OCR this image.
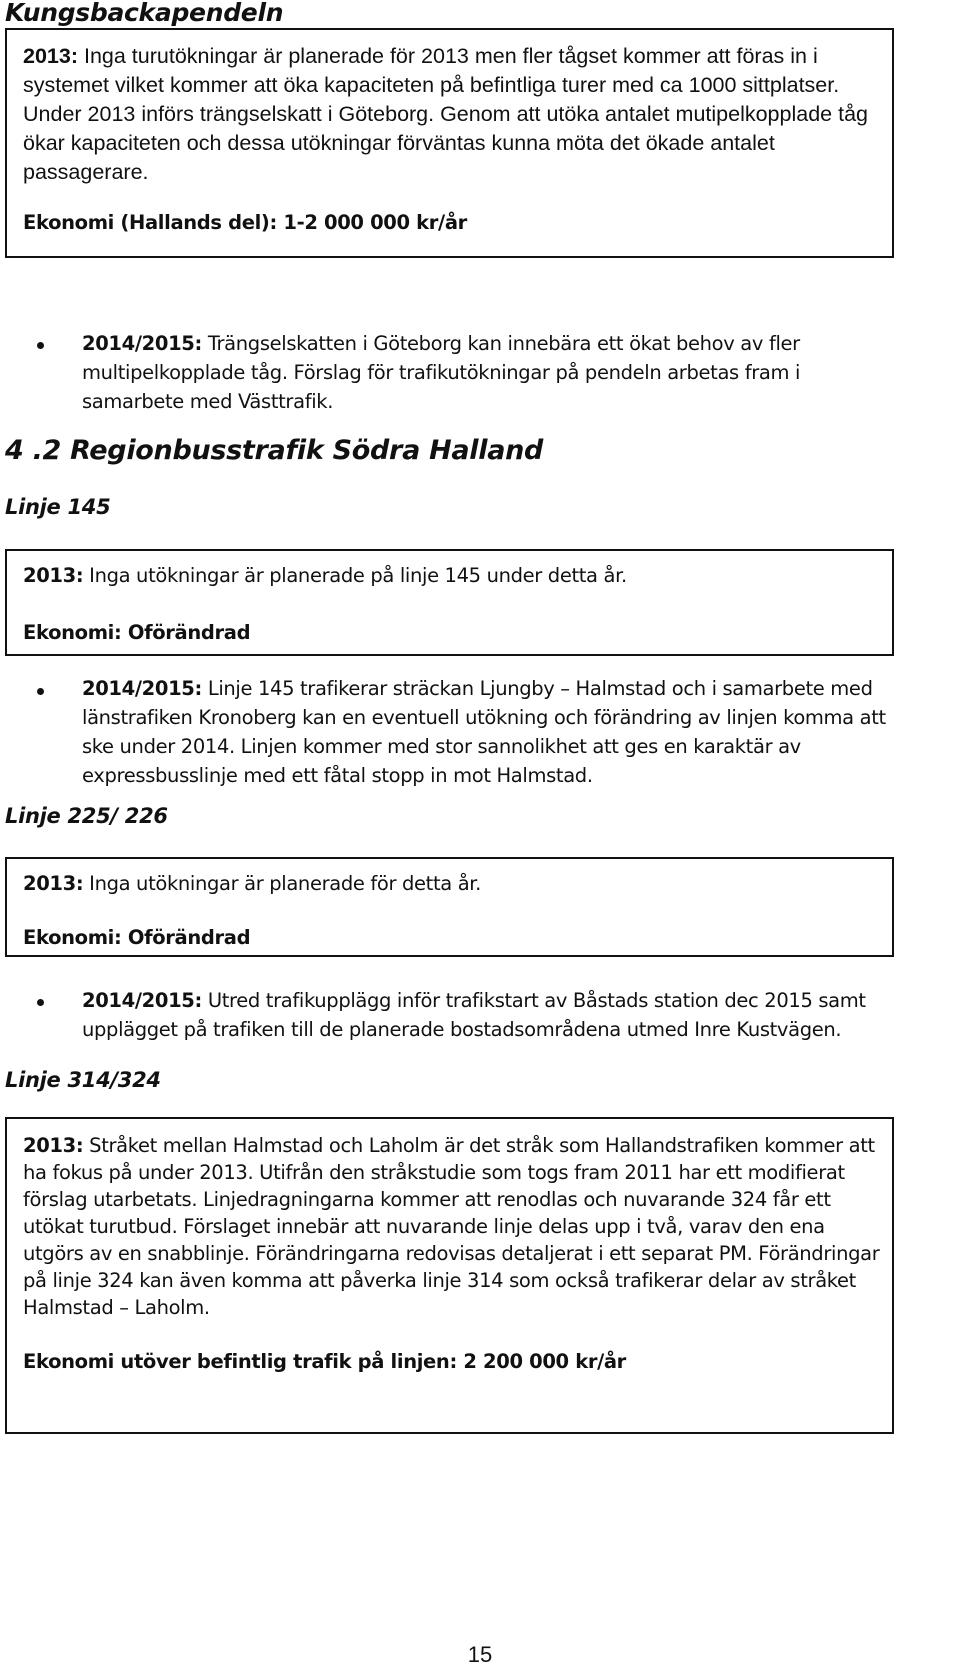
Kungsbackapendeln

2013: Inga turutökningar är planerade för 2013 men fler tågset kommer att föras in i systemet vilket kommer att öka kapaciteten på befintliga turer med ca 1000 sittplatser. Under 2013 införs trängselskatt i Göteborg. Genom att utöka antalet mutipelkopplade tåg ökar kapaciteten och dessa utökningar förväntas kunna möta det ökade antalet passagerare.

Ekonomi (Hallands del): 1-2 000 000 kr/år

2014/2015: Trängselskatten i Göteborg kan innebära ett ökat behov av fler multipelkopplade tåg. Förslag för trafikutökningar på pendeln arbetas fram i samarbete med Västtrafik.

4 .2 Regionbusstrafik Södra Halland
Linje 145

2013: Inga utökningar är planerade på linje 145 under detta år.

Ekonomi: Oförändrad

2014/2015: Linje 145 trafikerar sträckan Ljungby – Halmstad och i samarbete med länstrafiken Kronoberg kan en eventuell utökning och förändring av linjen komma att ske under 2014. Linjen kommer med stor sannolikhet att ges en karaktär av expressbusslinje med ett fåtal stopp in mot Halmstad.

Linje 225/ 226

2013: Inga utökningar är planerade för detta år.

Ekonomi: Oförändrad

2014/2015: Utred trafikupplägg inför trafikstart av Båstads station dec 2015 samt upplägget på trafiken till de planerade bostadsområdena utmed Inre Kustvägen.

Linje 314/324

2013: Stråket mellan Halmstad och Laholm är det stråk som Hallandstrafiken kommer att ha fokus på under 2013. Utifrån den stråkstudie som togs fram 2011 har ett modifierat förslag utarbetats. Linjedragningarna kommer att renodlas och nuvarande 324 får ett utökat turutbud. Förslaget innebär att nuvarande linje delas upp i två, varav den ena utgörs av en snabblinje. Förändringarna redovisas detaljerat i ett separat PM. Förändringar på linje 324 kan även komma att påverka linje 314 som också trafikerar delar av stråket Halmstad – Laholm.

Ekonomi utöver befintlig trafik på linjen: 2 200 000 kr/år
15
